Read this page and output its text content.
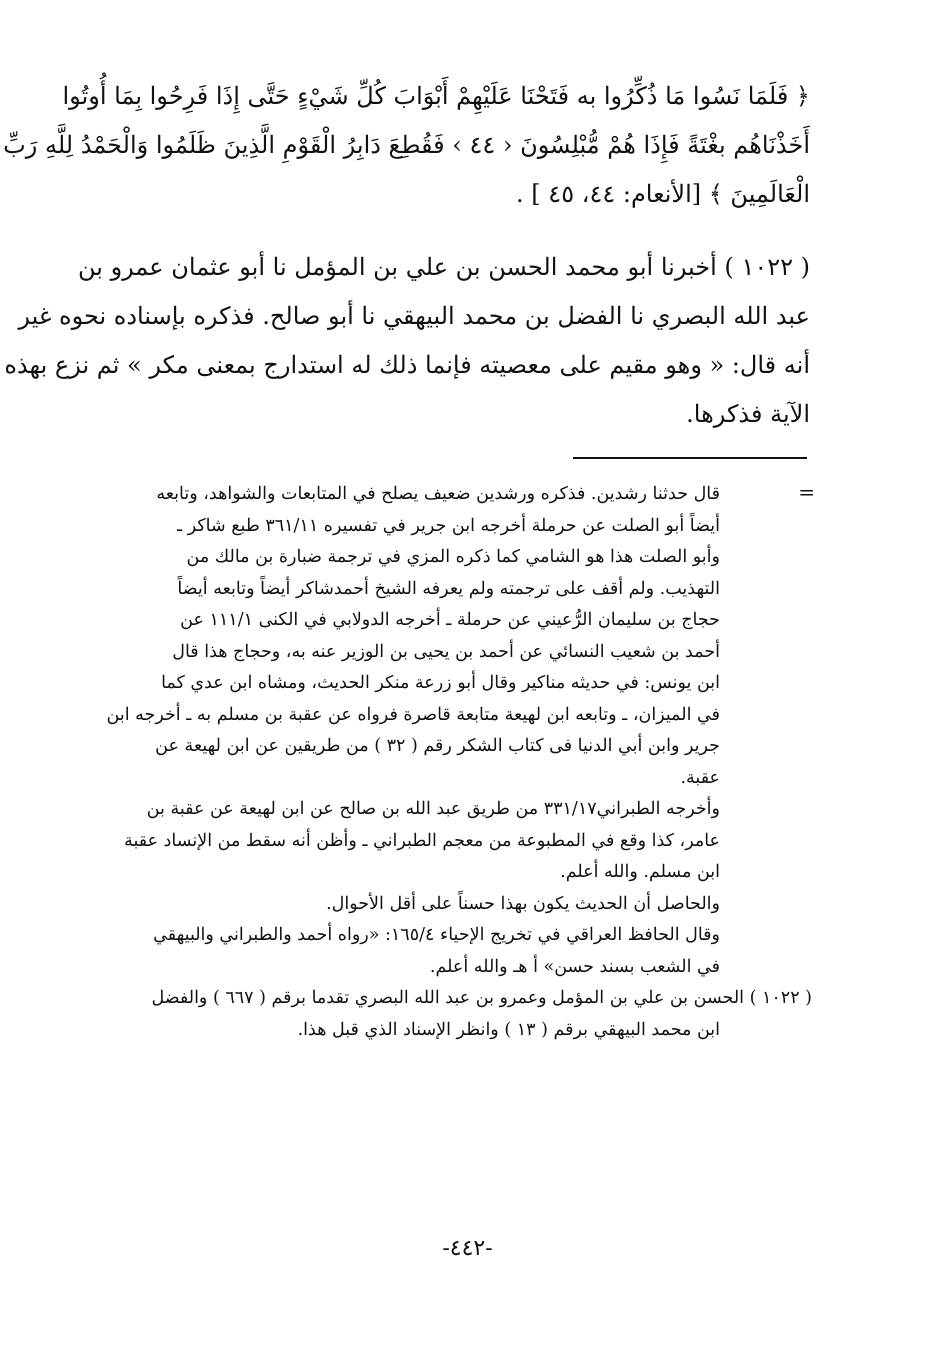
﴿ فَلَمَا نَسُوا مَا ذُكِّرُوا به فَتَحْنَا عَلَيْهِمْ أَبْوَابَ كُلِّ شَيْءٍ حَتَّى إِذَا فَرِحُوا بِمَا أُوتُوا
أَخَذْنَاهُم بغْتَةً فَإِذَا هُمْ مُّبْلِسُونَ ‹ ٤٤ › فَقُطِعَ دَابِرُ الْقَوْمِ الَّذِينَ ظَلَمُوا وَالْحَمْدُ لِلَّهِ رَبِّ
الْعَالَمِينَ ﴾ [الأنعام: ٤٤، ٤٥ ] .
( ١٠٢٢ ) أخبرنا أبو محمد الحسن بن علي بن المؤمل نا أبو عثمان عمرو بن
عبد الله البصري نا الفضل بن محمد البيهقي نا أبو صالح. فذكره بإسناده نحوه غير
أنه قال: « وهو مقيم على معصيته فإنما ذلك له استدارج بمعنى مكر » ثم نزع بهذه
الآية فذكرها.
=
قال حدثنا رشدين. فذكره ورشدين ضعيف يصلح في المتابعات والشواهد، وتابعه
أيضاً أبو الصلت عن حرملة أخرجه ابن جرير في تفسيره ٣٦١/١١ طبع شاكر ـ
وأبو الصلت هذا هو الشامي كما ذكره المزي في ترجمة ضبارة بن مالك من
التهذيب. ولم أقف على ترجمته ولم يعرفه الشيخ أحمدشاكر أيضاً وتابعه أيضاً
حجاج بن سليمان الرُّعيني عن حرملة ـ أخرجه الدولابي في الكنى ١١١/١ عن
أحمد بن شعيب النسائي عن أحمد بن يحيى بن الوزير عنه به، وحجاج هذا قال
ابن يونس: في حديثه مناكير وقال أبو زرعة منكر الحديث، ومشاه ابن عدي كما
في الميزان، ـ وتابعه ابن لهيعة متابعة قاصرة فرواه عن عقبة بن مسلم به ـ أخرجه ابن
جرير وابن أبي الدنيا فى كتاب الشكر رقم ( ٣٢ ) من طريقين عن ابن لهيعة عن
عقبة.
وأخرجه الطبراني٣٣١/١٧ من طريق عبد الله بن صالح عن ابن لهيعة عن عقبة بن
عامر، كذا وقع في المطبوعة من معجم الطبراني ـ وأظن أنه سقط من الإنساد عقبة
ابن مسلم. والله أعلم.
والحاصل أن الحديث يكون بهذا حسناً على أقل الأحوال.
وقال الحافظ العراقي في تخريج الإحياء ١٦٥/٤: «رواه أحمد والطبراني والبيهقي
في الشعب بسند حسن» أ هـ والله أعلم.
( ١٠٢٢ ) الحسن بن علي بن المؤمل وعمرو بن عبد الله البصري تقدما برقم ( ٦٦٧ ) والفضل
ابن محمد البيهقي برقم ( ١٣ ) وانظر الإسناد الذي قبل هذا.
-٤٤٢-
